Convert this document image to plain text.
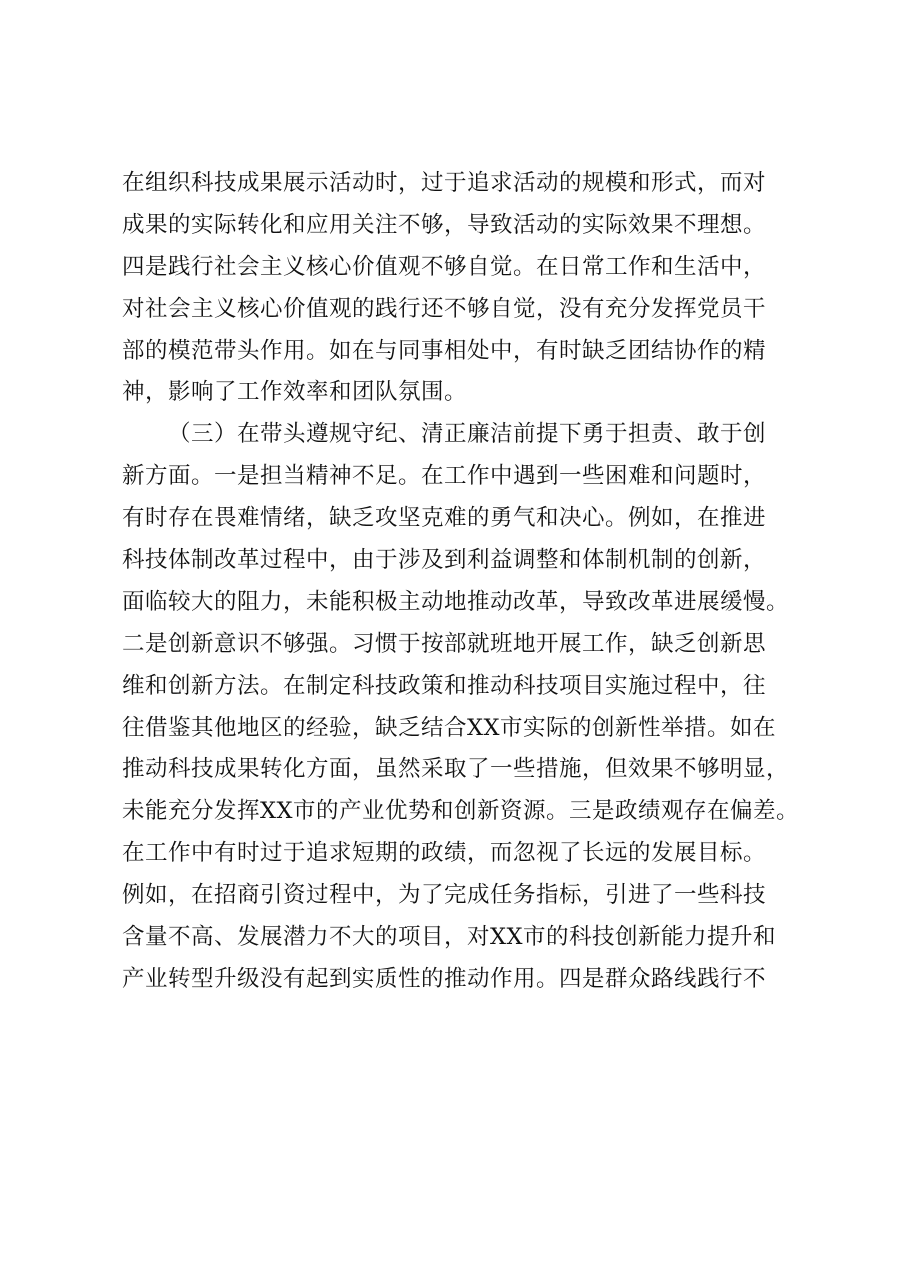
在组织科技成果展示活动时，过于追求活动的规模和形式，而对
成果的实际转化和应用关注不够，导致活动的实际效果不理想。
四是践行社会主义核心价值观不够自觉。在日常工作和生活中，
对社会主义核心价值观的践行还不够自觉，没有充分发挥党员干
部的模范带头作用。如在与同事相处中，有时缺乏团结协作的精
神，影响了工作效率和团队氛围。
（三）在带头遵规守纪、清正廉洁前提下勇于担责、敢于创
新方面。一是担当精神不足。在工作中遇到一些困难和问题时，
有时存在畏难情绪，缺乏攻坚克难的勇气和决心。例如，在推进
科技体制改革过程中，由于涉及到利益调整和体制机制的创新，
面临较大的阻力，未能积极主动地推动改革，导致改革进展缓慢。
二是创新意识不够强。习惯于按部就班地开展工作，缺乏创新思
维和创新方法。在制定科技政策和推动科技项目实施过程中，往
往借鉴其他地区的经验，缺乏结合XX市实际的创新性举措。如在
推动科技成果转化方面，虽然采取了一些措施，但效果不够明显，
未能充分发挥XX市的产业优势和创新资源。三是政绩观存在偏差。
在工作中有时过于追求短期的政绩，而忽视了长远的发展目标。
例如，在招商引资过程中，为了完成任务指标，引进了一些科技
含量不高、发展潜力不大的项目，对XX市的科技创新能力提升和
产业转型升级没有起到实质性的推动作用。四是群众路线践行不
